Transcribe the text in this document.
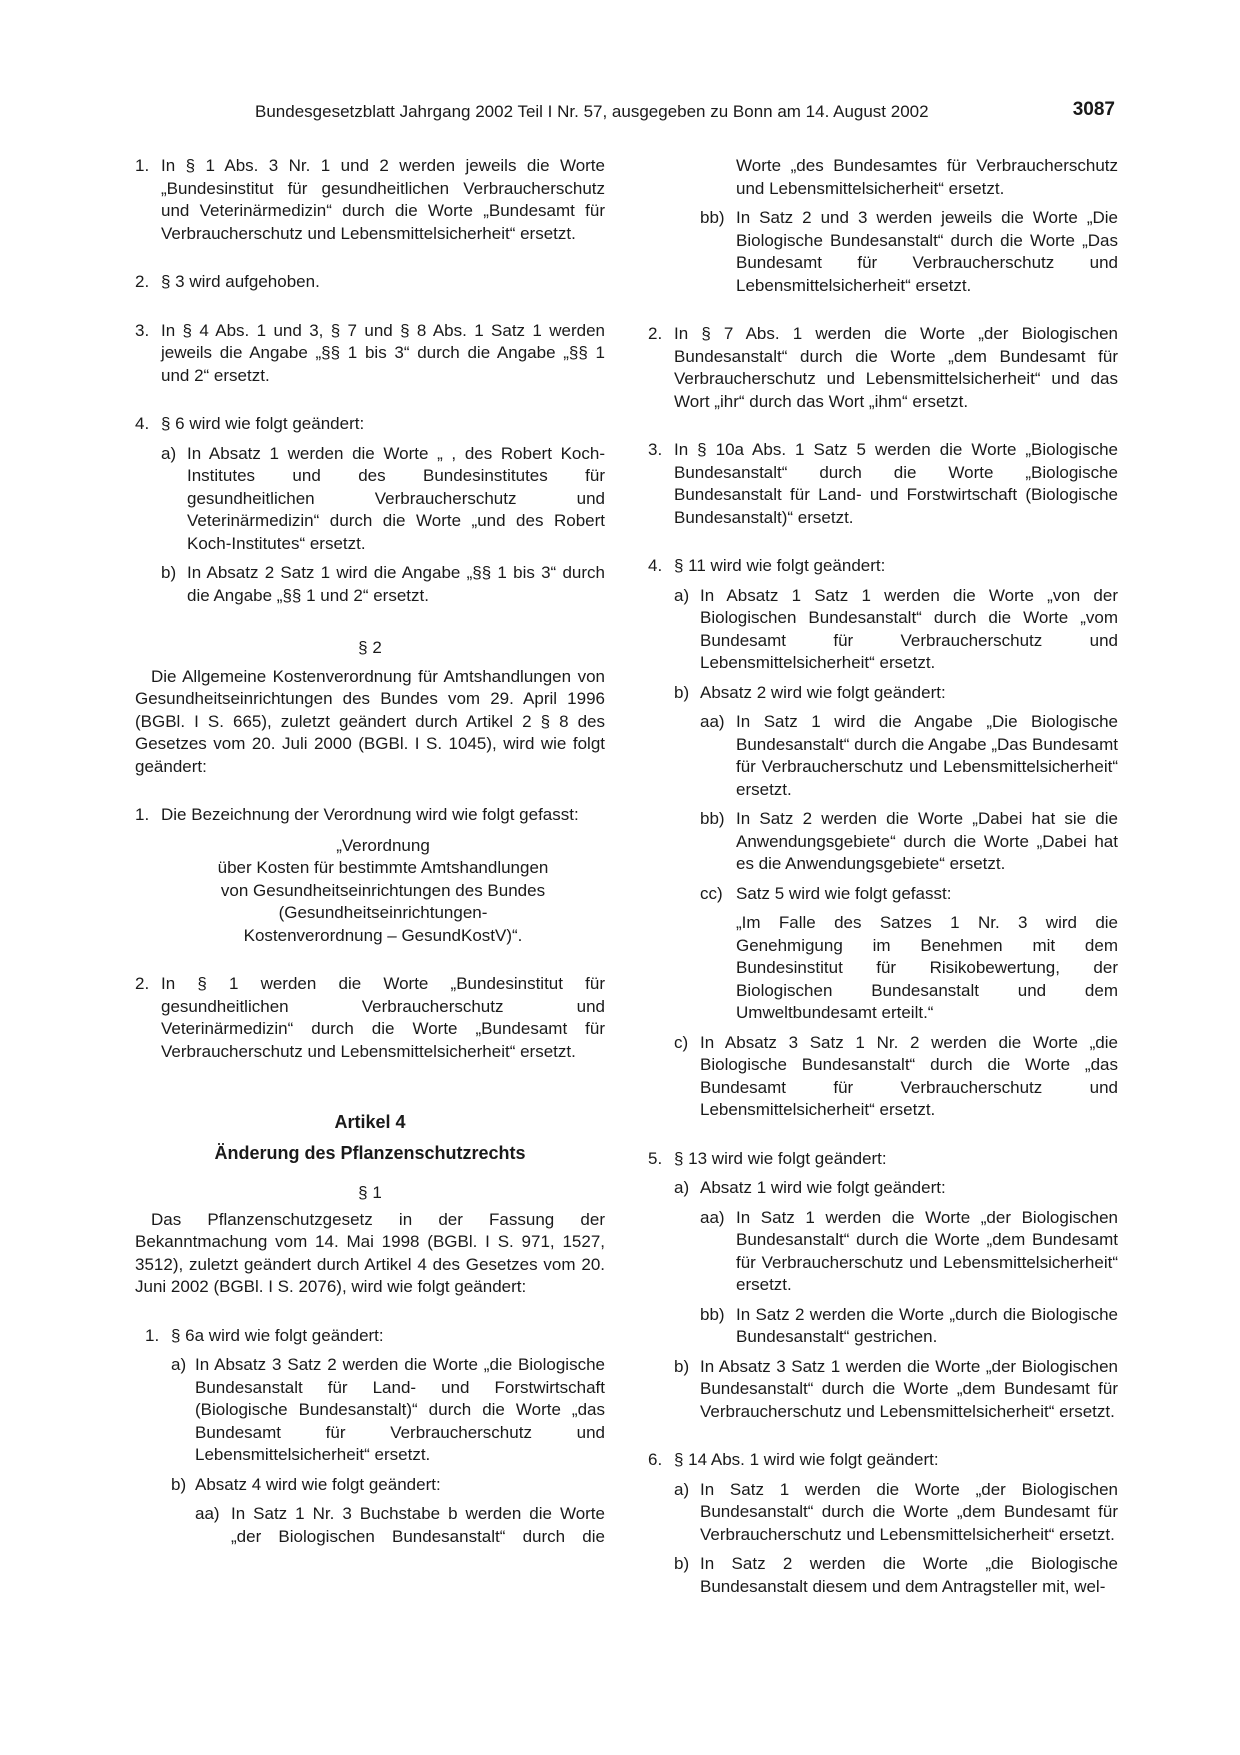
Bundesgesetzblatt Jahrgang 2002 Teil I Nr. 57, ausgegeben zu Bonn am 14. August 2002	3087
1. In § 1 Abs. 3 Nr. 1 und 2 werden jeweils die Worte „Bundesinstitut für gesundheitlichen Verbraucherschutz und Veterinärmedizin“ durch die Worte „Bundesamt für Verbraucherschutz und Lebensmittelsicherheit“ ersetzt.
2. § 3 wird aufgehoben.
3. In § 4 Abs. 1 und 3, § 7 und § 8 Abs. 1 Satz 1 werden jeweils die Angabe „§§ 1 bis 3“ durch die Angabe „§§ 1 und 2“ ersetzt.
4. § 6 wird wie folgt geändert:
a) In Absatz 1 werden die Worte „ , des Robert Koch-Institutes und des Bundesinstitutes für gesundheitlichen Verbraucherschutz und Veterinärmedizin“ durch die Worte „und des Robert Koch-Institutes“ ersetzt.
b) In Absatz 2 Satz 1 wird die Angabe „§§ 1 bis 3“ durch die Angabe „§§ 1 und 2“ ersetzt.

§ 2

Die Allgemeine Kostenverordnung für Amtshandlungen von Gesundheitseinrichtungen des Bundes vom 29. April 1996 (BGBl. I S. 665), zuletzt geändert durch Artikel 2 § 8 des Gesetzes vom 20. Juli 2000 (BGBl. I S. 1045), wird wie folgt geändert:

1. Die Bezeichnung der Verordnung wird wie folgt gefasst:

„Verordnung

über Kosten für bestimmte Amtshandlungen

von Gesundheitseinrichtungen des Bundes

(Gesundheitseinrichtungen-

Kostenverordnung – GesundKostV)“.

2. In § 1 werden die Worte „Bundesinstitut für gesundheitlichen Verbraucherschutz und Veterinärmedizin“ durch die Worte „Bundesamt für Verbraucherschutz und Lebensmittelsicherheit“ ersetzt.

Artikel 4

Änderung des Pflanzenschutzrechts

§ 1

Das Pflanzenschutzgesetz in der Fassung der Bekanntmachung vom 14. Mai 1998 (BGBl. I S. 971, 1527, 3512), zuletzt geändert durch Artikel 4 des Gesetzes vom 20. Juni 2002 (BGBl. I S. 2076), wird wie folgt geändert:

1. § 6a wird wie folgt geändert:
a) In Absatz 3 Satz 2 werden die Worte „die Biologische Bundesanstalt für Land- und Forstwirtschaft (Biologische Bundesanstalt)“ durch die Worte „das Bundesamt für Verbraucherschutz und Lebensmittelsicherheit“ ersetzt.
b) Absatz 4 wird wie folgt geändert:
aa) In Satz 1 Nr. 3 Buchstabe b werden die Worte „der Biologischen Bundesanstalt“ durch die
Worte „des Bundesamtes für Verbraucherschutz und Lebensmittelsicherheit“ ersetzt.
bb) In Satz 2 und 3 werden jeweils die Worte „Die Biologische Bundesanstalt“ durch die Worte „Das Bundesamt für Verbraucherschutz und Lebensmittelsicherheit“ ersetzt.
2. In § 7 Abs. 1 werden die Worte „der Biologischen Bundesanstalt“ durch die Worte „dem Bundesamt für Verbraucherschutz und Lebensmittelsicherheit“ und das Wort „ihr“ durch das Wort „ihm“ ersetzt.
3. In § 10a Abs. 1 Satz 5 werden die Worte „Biologische Bundesanstalt“ durch die Worte „Biologische Bundesanstalt für Land- und Forstwirtschaft (Biologische Bundesanstalt)“ ersetzt.
4. § 11 wird wie folgt geändert:
a) In Absatz 1 Satz 1 werden die Worte „von der Biologischen Bundesanstalt“ durch die Worte „vom Bundesamt für Verbraucherschutz und Lebensmittelsicherheit“ ersetzt.
b) Absatz 2 wird wie folgt geändert:
aa) In Satz 1 wird die Angabe „Die Biologische Bundesanstalt“ durch die Angabe „Das Bundesamt für Verbraucherschutz und Lebensmittelsicherheit“ ersetzt.
bb) In Satz 2 werden die Worte „Dabei hat sie die Anwendungsgebiete“ durch die Worte „Dabei hat es die Anwendungsgebiete“ ersetzt.
cc) Satz 5 wird wie folgt gefasst:
„Im Falle des Satzes 1 Nr. 3 wird die Genehmigung im Benehmen mit dem Bundesinstitut für Risikobewertung, der Biologischen Bundesanstalt und dem Umweltbundesamt erteilt.“
c) In Absatz 3 Satz 1 Nr. 2 werden die Worte „die Biologische Bundesanstalt“ durch die Worte „das Bundesamt für Verbraucherschutz und Lebensmittelsicherheit“ ersetzt.
5. § 13 wird wie folgt geändert:
a) Absatz 1 wird wie folgt geändert:
aa) In Satz 1 werden die Worte „der Biologischen Bundesanstalt“ durch die Worte „dem Bundesamt für Verbraucherschutz und Lebensmittelsicherheit“ ersetzt.
bb) In Satz 2 werden die Worte „durch die Biologische Bundesanstalt“ gestrichen.
b) In Absatz 3 Satz 1 werden die Worte „der Biologischen Bundesanstalt“ durch die Worte „dem Bundesamt für Verbraucherschutz und Lebensmittelsicherheit“ ersetzt.
6. § 14 Abs. 1 wird wie folgt geändert:
a) In Satz 1 werden die Worte „der Biologischen Bundesanstalt“ durch die Worte „dem Bundesamt für Verbraucherschutz und Lebensmittelsicherheit“ ersetzt.
b) In Satz 2 werden die Worte „die Biologische Bundesanstalt diesem und dem Antragsteller mit, wel-
